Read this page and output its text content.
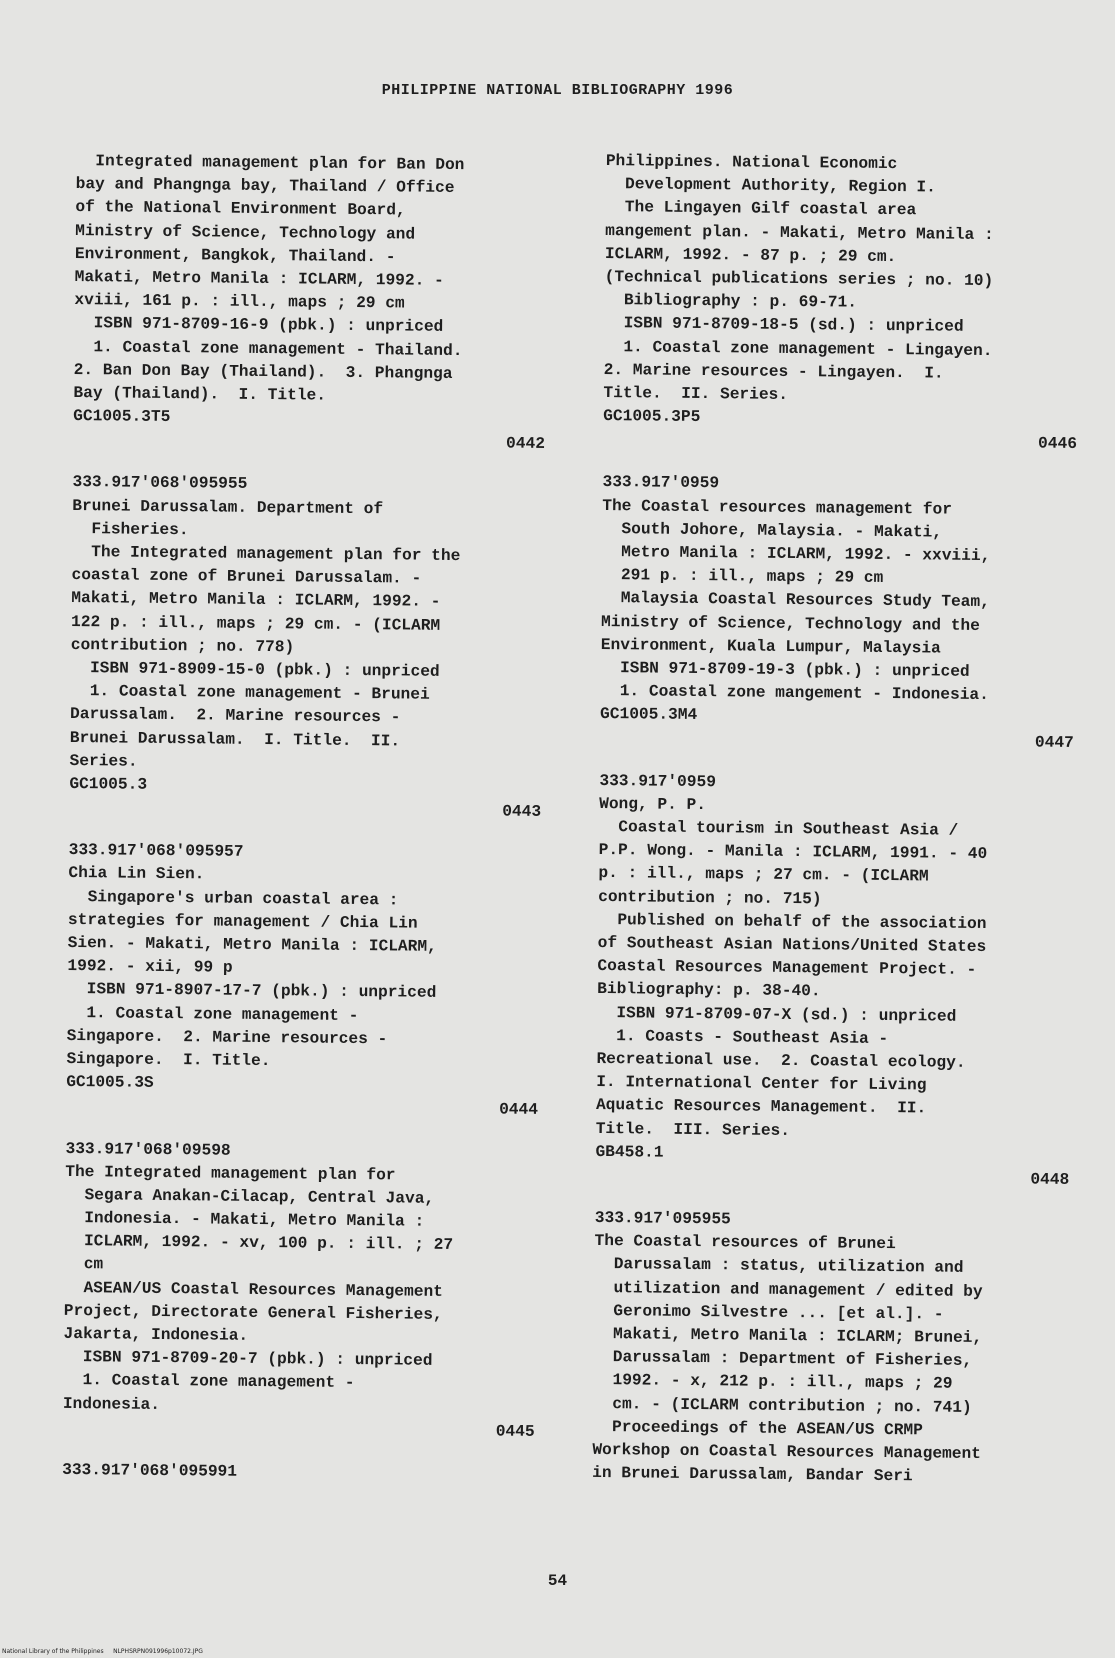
PHILIPPINE NATIONAL BIBLIOGRAPHY 1996
Integrated management plan for Ban Don
bay and Phangnga bay, Thailand / Office
of the National Environment Board,
Ministry of Science, Technology and
Environment, Bangkok, Thailand. -
Makati, Metro Manila : ICLARM, 1992. -
xviii, 161 p. : ill., maps ; 29 cm
ISBN 971-8709-16-9 (pbk.) : unpriced
1. Coastal zone management - Thailand.
2. Ban Don Bay (Thailand).  3. Phangnga
Bay (Thailand).  I. Title.
GC1005.3T5
0442
333.917'068'095955
Brunei Darussalam. Department of
Fisheries.
The Integrated management plan for the
coastal zone of Brunei Darussalam. -
Makati, Metro Manila : ICLARM, 1992. -
122 p. : ill., maps ; 29 cm. - (ICLARM
contribution ; no. 778)
ISBN 971-8909-15-0 (pbk.) : unpriced
1. Coastal zone management - Brunei
Darussalam.  2. Marine resources -
Brunei Darussalam.  I. Title.  II.
Series.
GC1005.3
0443
333.917'068'095957
Chia Lin Sien.
Singapore's urban coastal area :
strategies for management / Chia Lin
Sien. - Makati, Metro Manila : ICLARM,
1992. - xii, 99 p
ISBN 971-8907-17-7 (pbk.) : unpriced
1. Coastal zone management -
Singapore.  2. Marine resources -
Singapore.  I. Title.
GC1005.3S
0444
333.917'068'09598
The Integrated management plan for
Segara Anakan-Cilacap, Central Java,
Indonesia. - Makati, Metro Manila :
ICLARM, 1992. - xv, 100 p. : ill. ; 27
cm
ASEAN/US Coastal Resources Management
Project, Directorate General Fisheries,
Jakarta, Indonesia.
ISBN 971-8709-20-7 (pbk.) : unpriced
1. Coastal zone management -
Indonesia.
0445
333.917'068'095991
Philippines. National Economic
Development Authority, Region I.
The Lingayen Gilf coastal area
mangement plan. - Makati, Metro Manila :
ICLARM, 1992. - 87 p. ; 29 cm.
(Technical publications series ; no. 10)
Bibliography : p. 69-71.
ISBN 971-8709-18-5 (sd.) : unpriced
1. Coastal zone management - Lingayen.
2. Marine resources - Lingayen.  I.
Title.  II. Series.
GC1005.3P5
0446
333.917'0959
The Coastal resources management for
South Johore, Malaysia. - Makati,
Metro Manila : ICLARM, 1992. - xxviii,
291 p. : ill., maps ; 29 cm
Malaysia Coastal Resources Study Team,
Ministry of Science, Technology and the
Environment, Kuala Lumpur, Malaysia
ISBN 971-8709-19-3 (pbk.) : unpriced
1. Coastal zone mangement - Indonesia.
GC1005.3M4
0447
333.917'0959
Wong, P. P.
Coastal tourism in Southeast Asia /
P.P. Wong. - Manila : ICLARM, 1991. - 40
p. : ill., maps ; 27 cm. - (ICLARM
contribution ; no. 715)
Published on behalf of the association
of Southeast Asian Nations/United States
Coastal Resources Management Project. -
Bibliography: p. 38-40.
ISBN 971-8709-07-X (sd.) : unpriced
1. Coasts - Southeast Asia -
Recreational use.  2. Coastal ecology.
I. International Center for Living
Aquatic Resources Management.  II.
Title.  III. Series.
GB458.1
0448
333.917'095955
The Coastal resources of Brunei
Darussalam : status, utilization and
utilization and management / edited by
Geronimo Silvestre ... [et al.]. -
Makati, Metro Manila : ICLARM; Brunei,
Darussalam : Department of Fisheries,
1992. - x, 212 p. : ill., maps ; 29
cm. - (ICLARM contribution ; no. 741)
Proceedings of the ASEAN/US CRMP
Workshop on Coastal Resources Management
in Brunei Darussalam, Bandar Seri
54
National Library of the Philippines     NLPHSRPN091996p10072.JPG
